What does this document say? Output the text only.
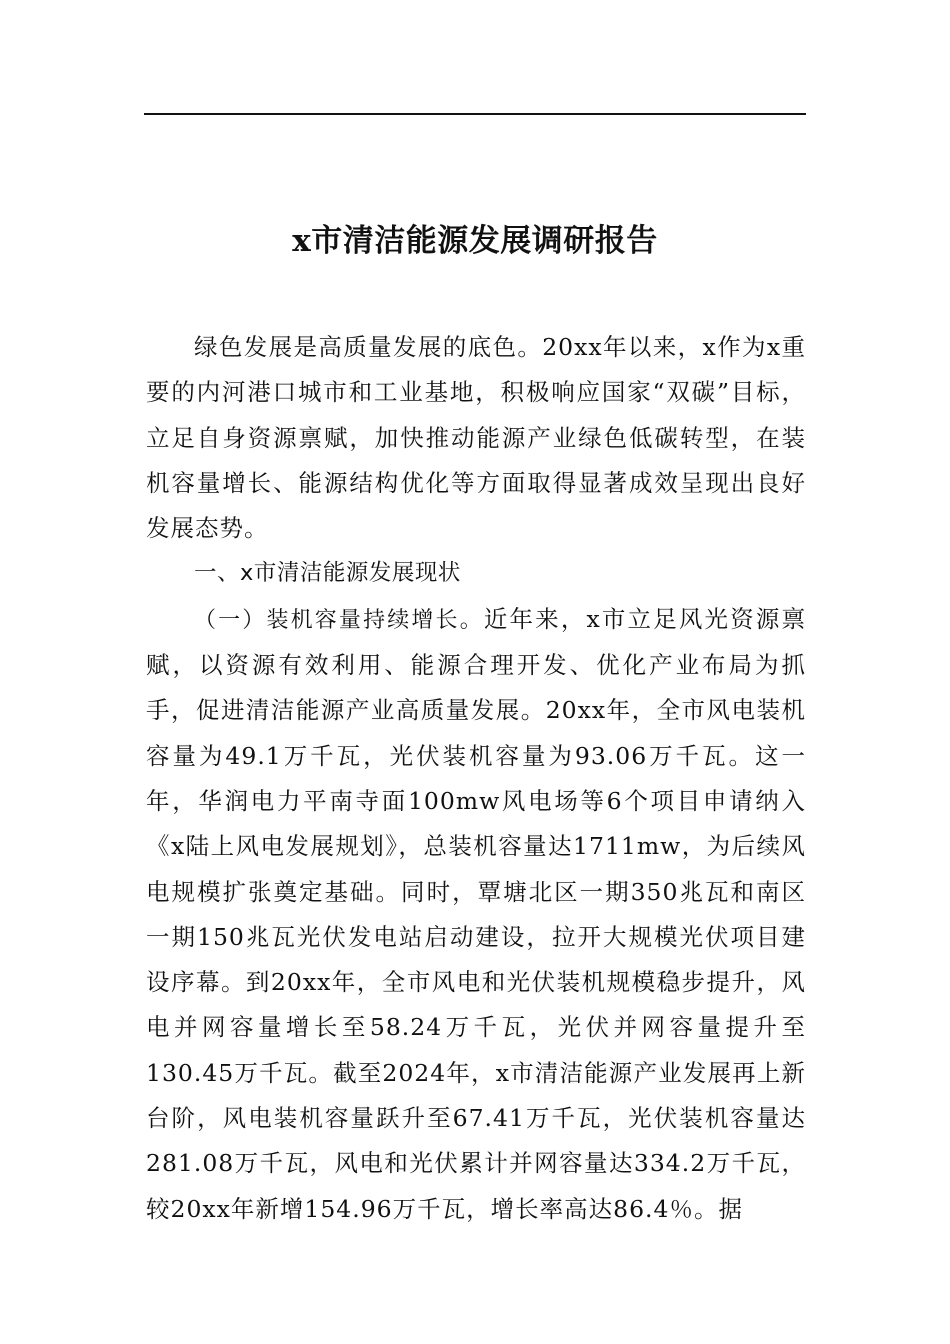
x市清洁能源发展调研报告

绿色发展是高质量发展的底色。20xx年以来，x作为x重要的内河港口城市和工业基地，积极响应国家“双碳”目标，立足自身资源禀赋，加快推动能源产业绿色低碳转型，在装机容量增长、能源结构优化等方面取得显著成效呈现出良好发展态势。

一、x市清洁能源发展现状

（一）装机容量持续增长。近年来，x市立足风光资源禀赋，以资源有效利用、能源合理开发、优化产业布局为抓手，促进清洁能源产业高质量发展。20xx年，全市风电装机容量为49.1万千瓦，光伏装机容量为93.06万千瓦。这一年，华润电力平南寺面100mw风电场等6个项目申请纳入《x陆上风电发展规划》，总装机容量达1711mw，为后续风电规模扩张奠定基础。同时，覃塘北区一期350兆瓦和南区一期150兆瓦光伏发电站启动建设，拉开大规模光伏项目建设序幕。到20xx年，全市风电和光伏装机规模稳步提升，风电并网容量增长至58.24万千瓦，光伏并网容量提升至130.45万千瓦。截至2024年，x市清洁能源产业发展再上新台阶，风电装机容量跃升至67.41万千瓦，光伏装机容量达281.08万千瓦，风电和光伏累计并网容量达334.2万千瓦，较20xx年新增154.96万千瓦，增长率高达86.4％。据
